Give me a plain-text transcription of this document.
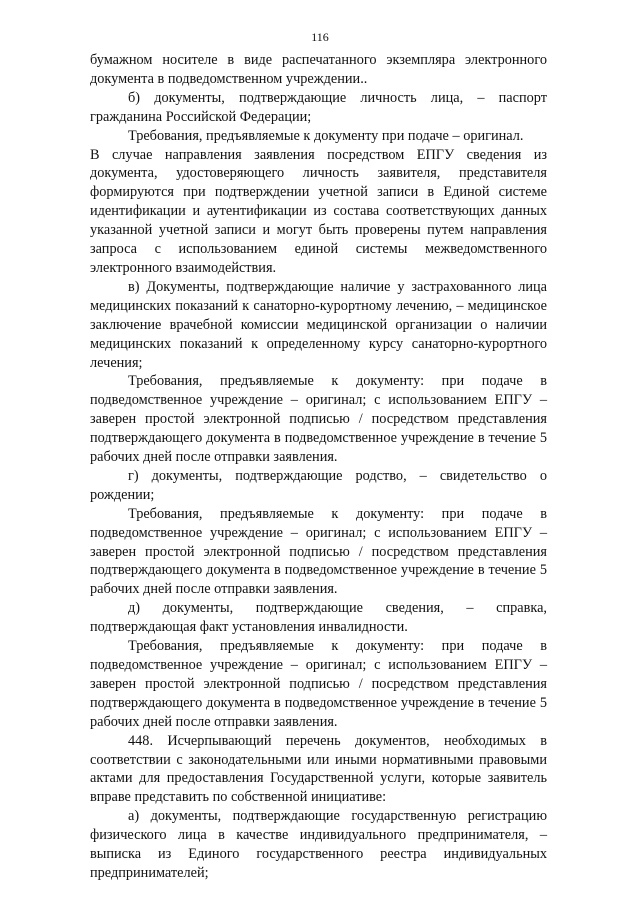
116

бумажном носителе в виде распечатанного экземпляра электронного документа в подведомственном учреждении..

б) документы, подтверждающие личность лица, – паспорт гражданина Российской Федерации;

Требования, предъявляемые к документу при подаче – оригинал.

В случае направления заявления посредством ЕПГУ сведения из документа, удостоверяющего личность заявителя, представителя формируются при подтверждении учетной записи в Единой системе идентификации и аутентификации из состава соответствующих данных указанной учетной записи и могут быть проверены путем направления запроса с использованием единой системы межведомственного электронного взаимодействия.

в) Документы, подтверждающие наличие у застрахованного лица медицинских показаний к санаторно-курортному лечению, – медицинское заключение врачебной комиссии медицинской организации о наличии медицинских показаний к определенному курсу санаторно-курортного лечения;

Требования, предъявляемые к документу: при подаче в подведомственное учреждение – оригинал; с использованием ЕПГУ – заверен простой электронной подписью / посредством представления подтверждающего документа в подведомственное учреждение в течение 5 рабочих дней после отправки заявления.

г) документы, подтверждающие родство, – свидетельство о рождении;

Требования, предъявляемые к документу: при подаче в подведомственное учреждение – оригинал; с использованием ЕПГУ – заверен простой электронной подписью / посредством представления подтверждающего документа в подведомственное учреждение в течение 5 рабочих дней после отправки заявления.

д) документы, подтверждающие сведения, – справка, подтверждающая факт установления инвалидности.

Требования, предъявляемые к документу: при подаче в подведомственное учреждение – оригинал; с использованием ЕПГУ – заверен простой электронной подписью / посредством представления подтверждающего документа в подведомственное учреждение в течение 5 рабочих дней после отправки заявления.

448. Исчерпывающий перечень документов, необходимых в соответствии с законодательными или иными нормативными правовыми актами для предоставления Государственной услуги, которые заявитель вправе представить по собственной инициативе:

а) документы, подтверждающие государственную регистрацию физического лица в качестве индивидуального предпринимателя, – выписка из Единого государственного реестра индивидуальных предпринимателей;
